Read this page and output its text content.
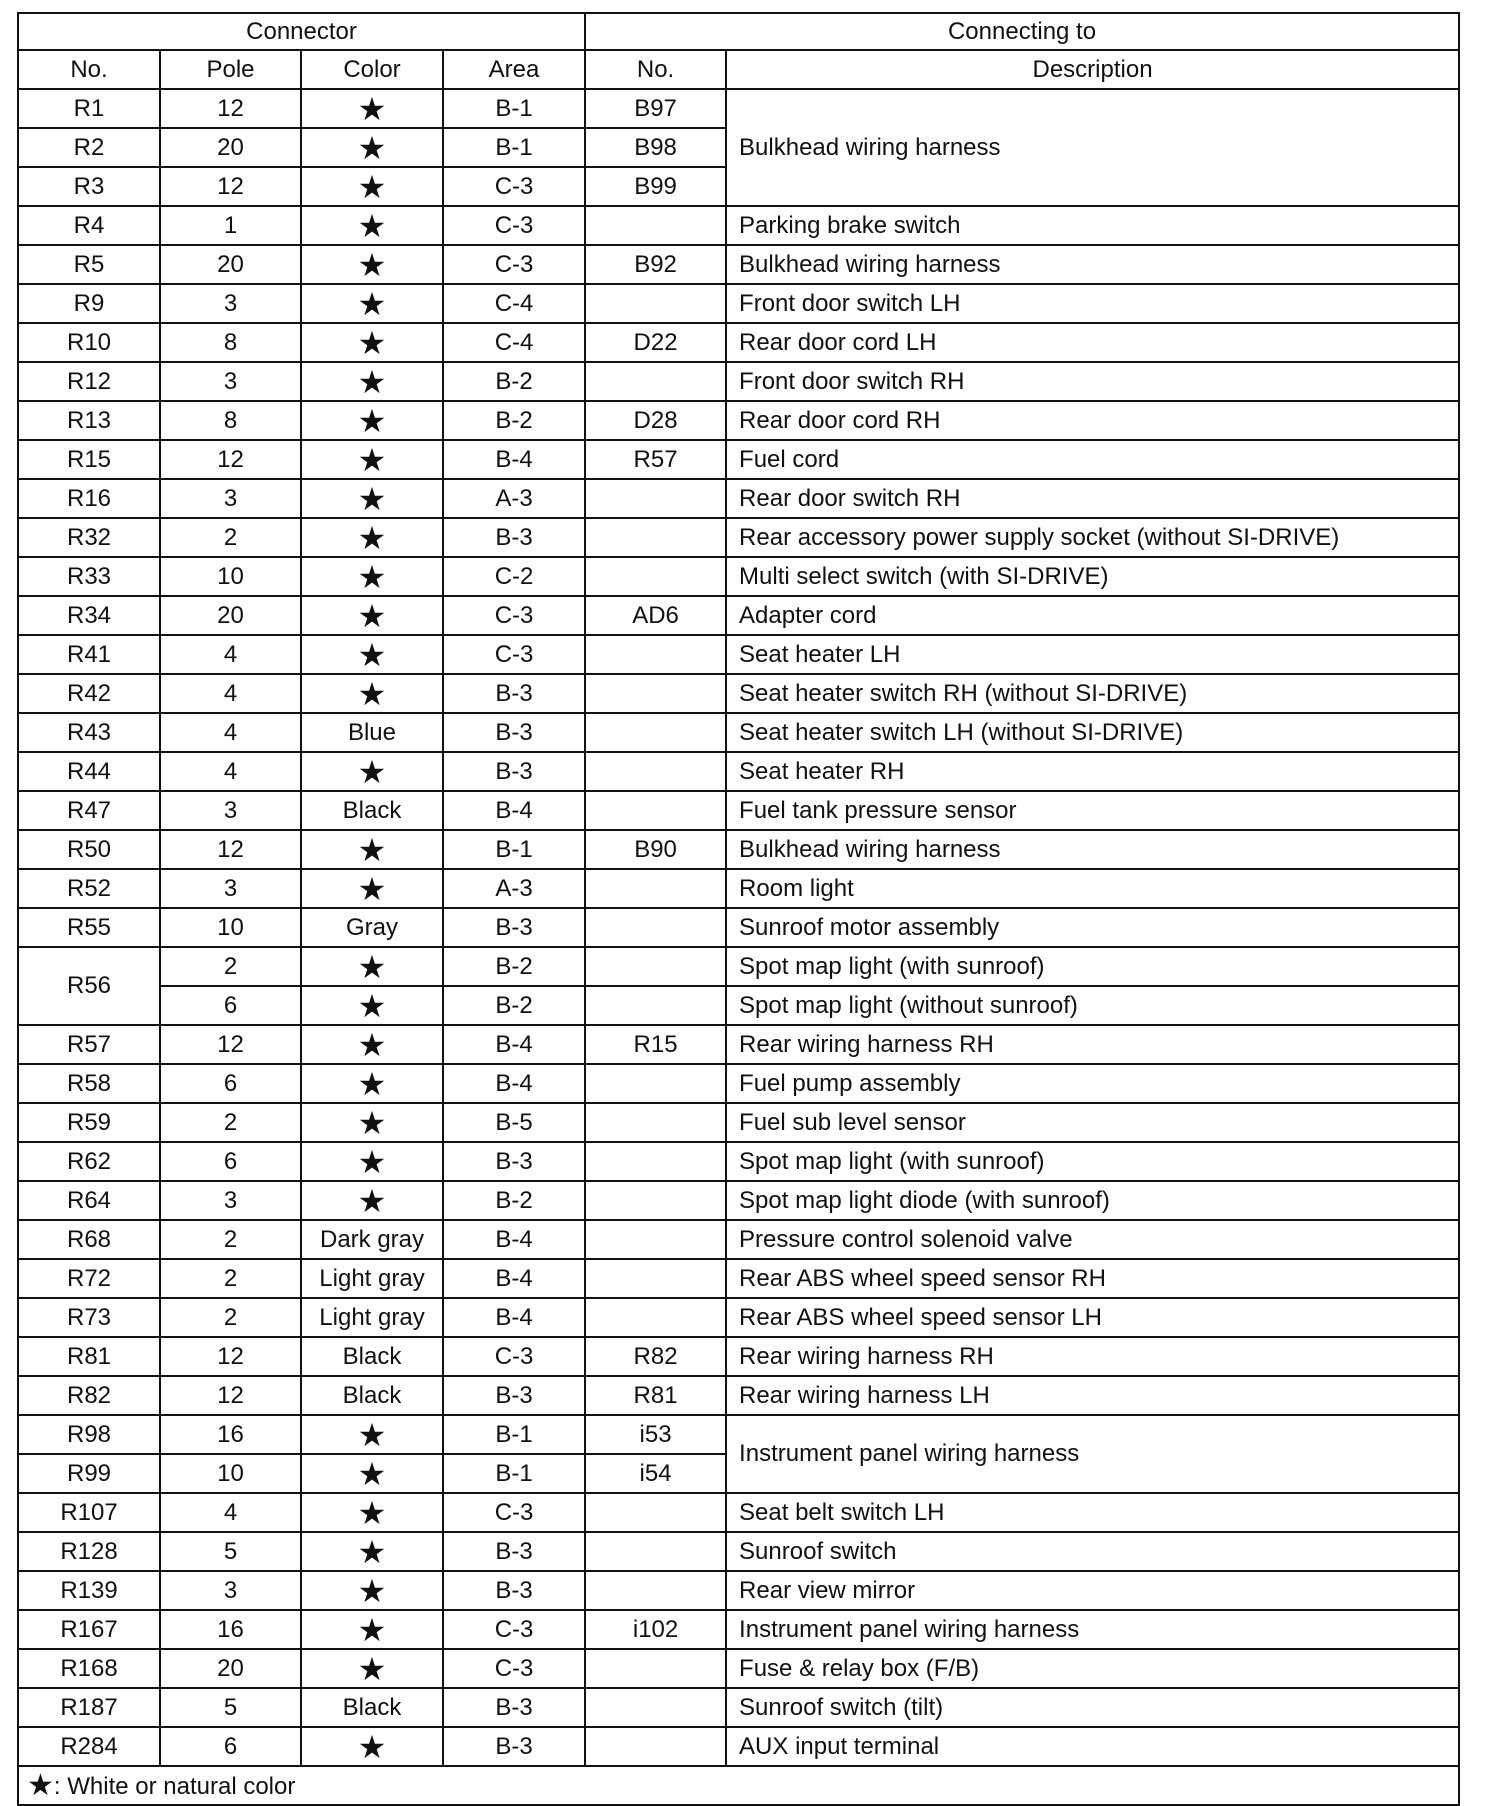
Connector				Connecting to	
No.	Pole	Color	Area	No.	Description
R1	12	★	B-1	B97	Bulkhead wiring harness
R2	20	★	B-1	B98	
R3	12	★	C-3	B99	
R4	1	★	C-3		Parking brake switch
R5	20	★	C-3	B92	Bulkhead wiring harness
R9	3	★	C-4		Front door switch LH
R10	8	★	C-4	D22	Rear door cord LH
R12	3	★	B-2		Front door switch RH
R13	8	★	B-2	D28	Rear door cord RH
R15	12	★	B-4	R57	Fuel cord
R16	3	★	A-3		Rear door switch RH
R32	2	★	B-3		Rear accessory power supply socket (without SI-DRIVE)
R33	10	★	C-2		Multi select switch (with SI-DRIVE)
R34	20	★	C-3	AD6	Adapter cord
R41	4	★	C-3		Seat heater LH
R42	4	★	B-3		Seat heater switch RH (without SI-DRIVE)
R43	4	Blue	B-3		Seat heater switch LH (without SI-DRIVE)
R44	4	★	B-3		Seat heater RH
R47	3	Black	B-4		Fuel tank pressure sensor
R50	12	★	B-1	B90	Bulkhead wiring harness
R52	3	★	A-3		Room light
R55	10	Gray	B-3		Sunroof motor assembly
R56	2	★	B-2		Spot map light (with sunroof)
	6	★	B-2		Spot map light (without sunroof)
R57	12	★	B-4	R15	Rear wiring harness RH
R58	6	★	B-4		Fuel pump assembly
R59	2	★	B-5		Fuel sub level sensor
R62	6	★	B-3		Spot map light (with sunroof)
R64	3	★	B-2		Spot map light diode (with sunroof)
R68	2	Dark gray	B-4		Pressure control solenoid valve
R72	2	Light gray	B-4		Rear ABS wheel speed sensor RH
R73	2	Light gray	B-4		Rear ABS wheel speed sensor LH
R81	12	Black	C-3	R82	Rear wiring harness RH
R82	12	Black	B-3	R81	Rear wiring harness LH
R98	16	★	B-1	i53	Instrument panel wiring harness
R99	10	★	B-1	i54	
R107	4	★	C-3		Seat belt switch LH
R128	5	★	B-3		Sunroof switch
R139	3	★	B-3		Rear view mirror
R167	16	★	C-3	i102	Instrument panel wiring harness
R168	20	★	C-3		Fuse & relay box (F/B)
R187	5	Black	B-3		Sunroof switch (tilt)
R284	6	★	B-3		AUX input terminal
★: White or natural color					
